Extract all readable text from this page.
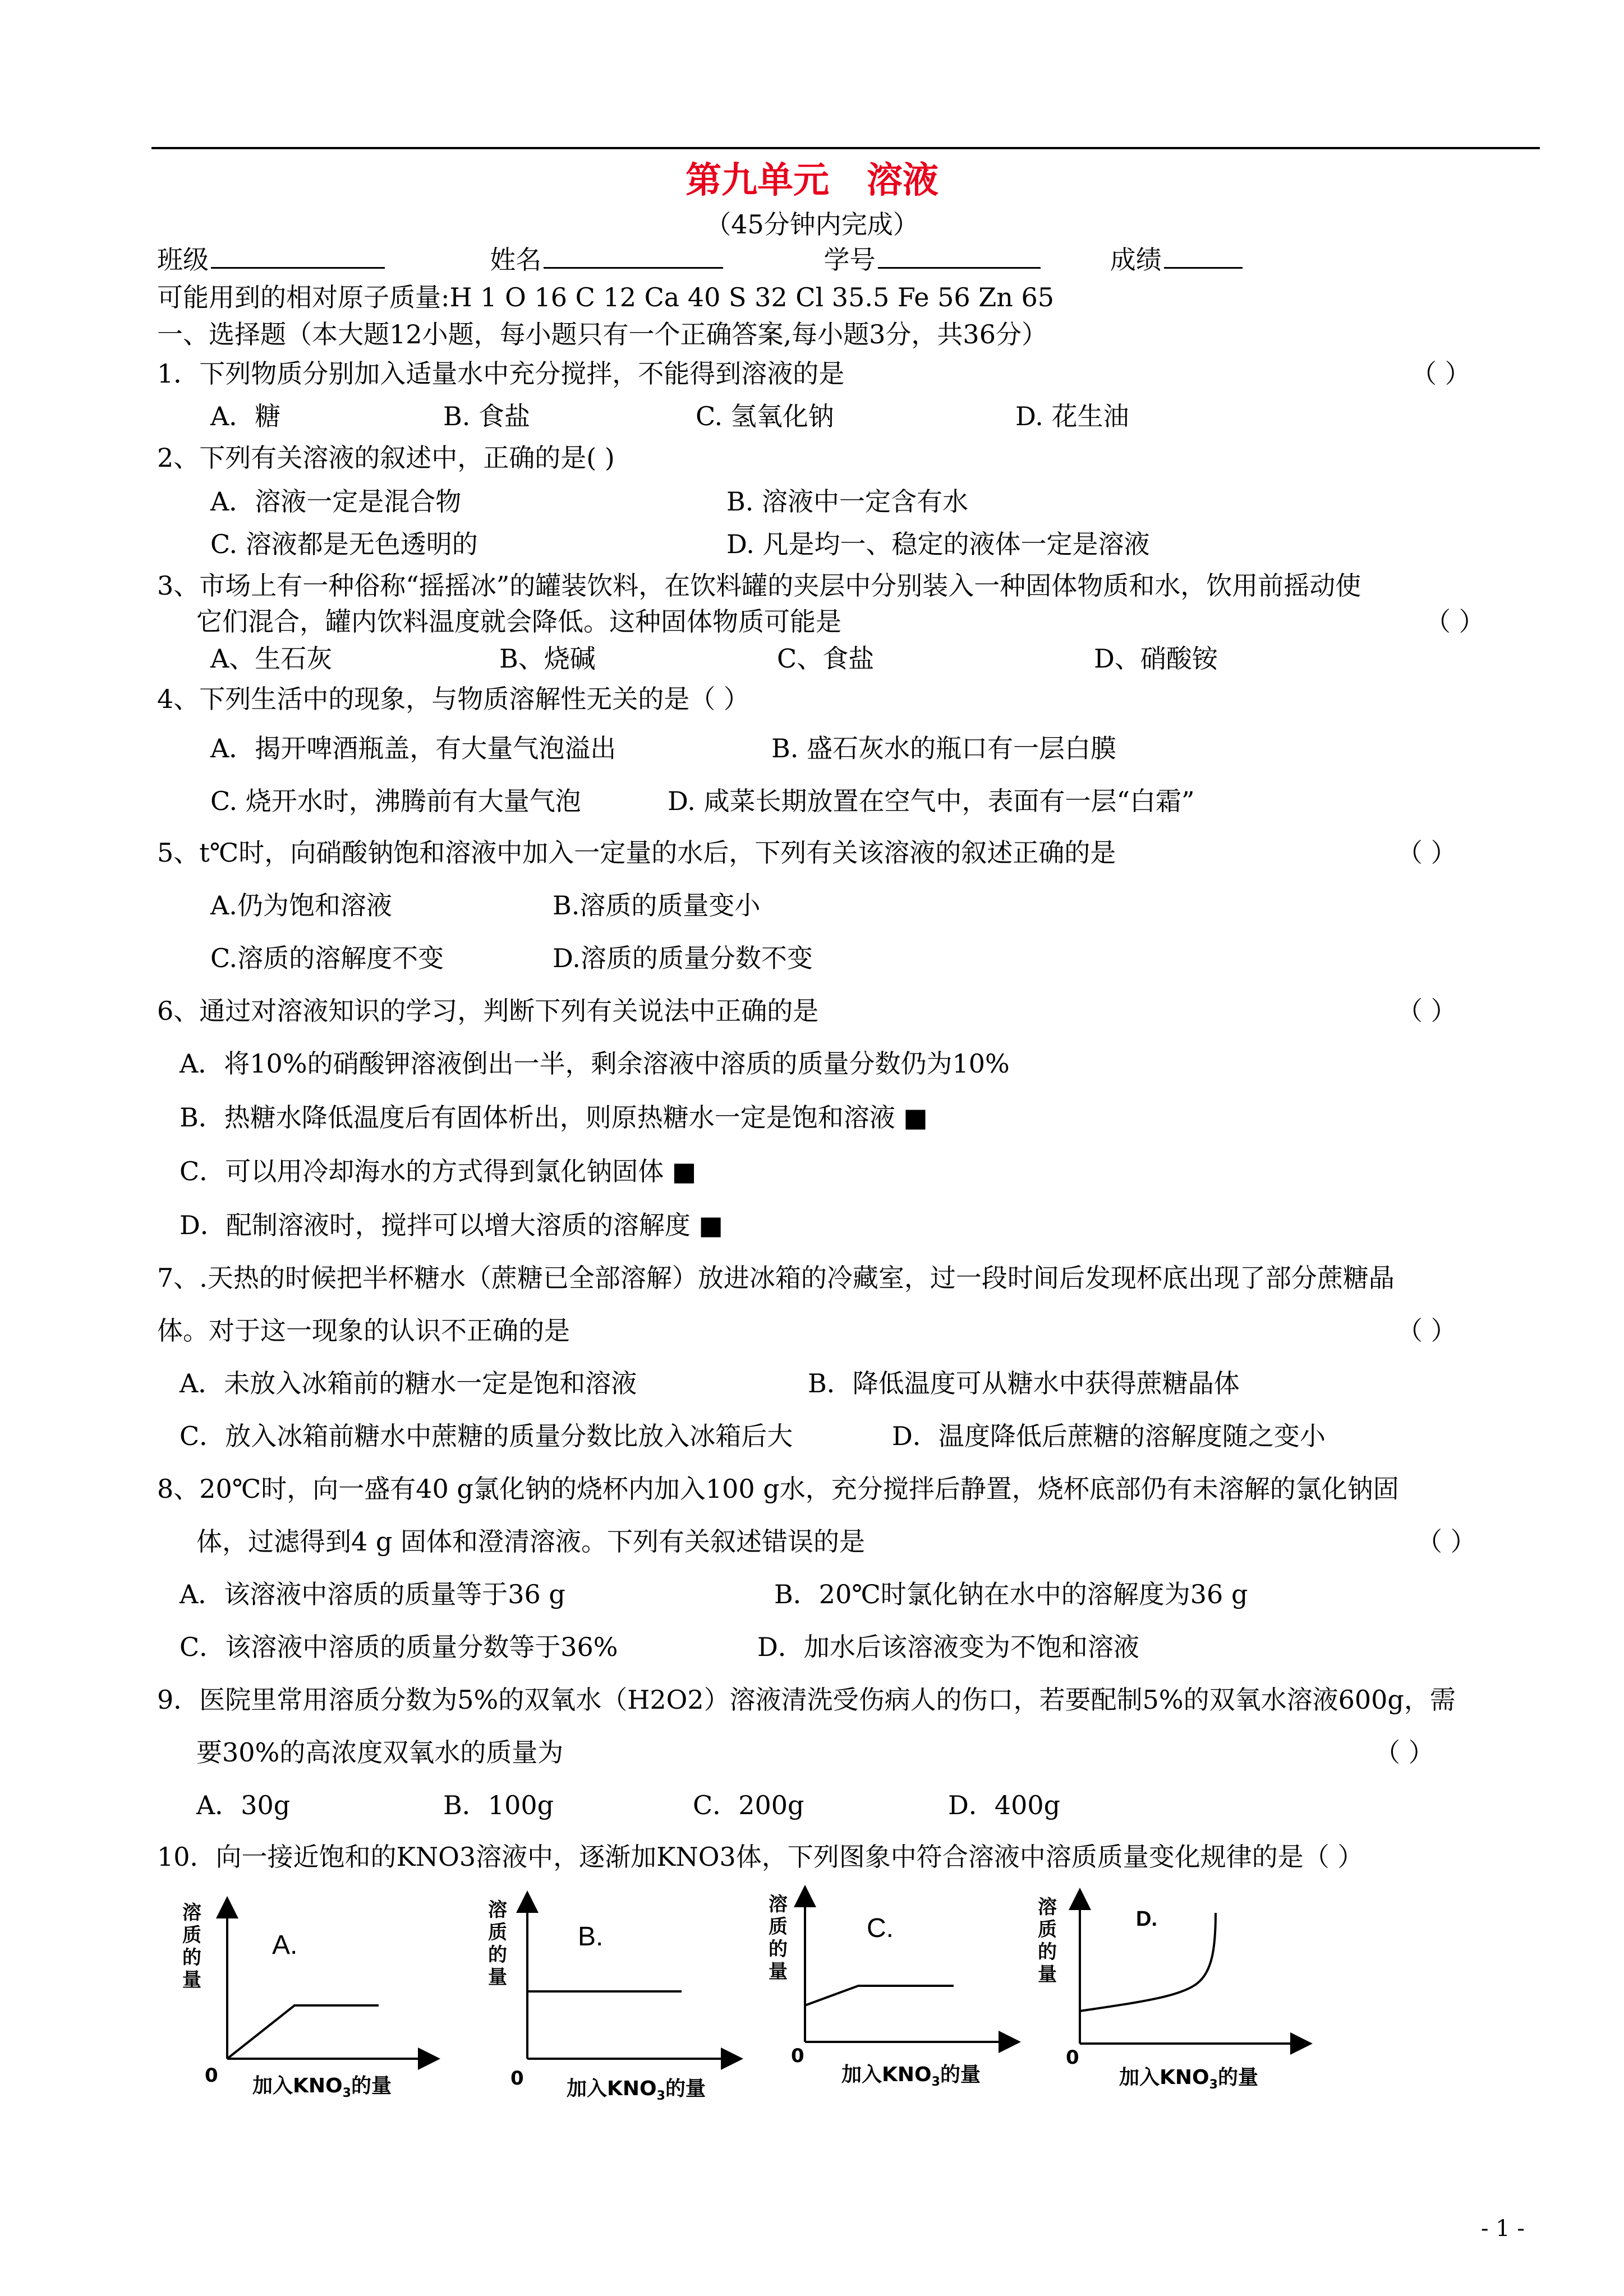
第九单元   溶液
（45分钟内完成）
班级	姓名	学号	成绩
可能用到的相对原子质量:H 1 O 16 C 12 Ca 40 S 32 Cl 35.5 Fe 56 Zn 65
一、选择题（本大题12小题，每小题只有一个正确答案,每小题3分，共36分）
1．下列物质分别加入适量水中充分搅拌，不能得到溶液的是	（ ）
A．糖	B. 食盐	C. 氢氧化钠	D. 花生油
2、下列有关溶液的叙述中，正确的是( )
A．溶液一定是混合物	B. 溶液中一定含有水
C. 溶液都是无色透明的	D. 凡是均一、稳定的液体一定是溶液
3、市场上有一种俗称“摇摇冰”的罐装饮料，在饮料罐的夹层中分别装入一种固体物质和水，饮用前摇动使
它们混合，罐内饮料温度就会降低。这种固体物质可能是	（ ）
A、生石灰	B、烧碱	C、食盐	D、硝酸铵
4、下列生活中的现象，与物质溶解性无关的是（ ）
A．揭开啤酒瓶盖，有大量气泡溢出	B. 盛石灰水的瓶口有一层白膜
C. 烧开水时，沸腾前有大量气泡	D. 咸菜长期放置在空气中，表面有一层“白霜”
5、t℃时，向硝酸钠饱和溶液中加入一定量的水后，下列有关该溶液的叙述正确的是	（ ）
A.仍为饱和溶液	B.溶质的质量变小
C.溶质的溶解度不变	D.溶质的质量分数不变
6、通过对溶液知识的学习，判断下列有关说法中正确的是	（ ）
A．将10%的硝酸钾溶液倒出一半，剩余溶液中溶质的质量分数仍为10%
B．热糖水降低温度后有固体析出，则原热糖水一定是饱和溶液 ■
C．可以用冷却海水的方式得到氯化钠固体 ■
D．配制溶液时，搅拌可以增大溶质的溶解度 ■
7、.天热的时候把半杯糖水（蔗糖已全部溶解）放进冰箱的冷藏室，过一段时间后发现杯底出现了部分蔗糖晶
体。对于这一现象的认识不正确的是	（ ）
A．未放入冰箱前的糖水一定是饱和溶液	B．降低温度可从糖水中获得蔗糖晶体
C．放入冰箱前糖水中蔗糖的质量分数比放入冰箱后大	D．温度降低后蔗糖的溶解度随之变小
8、20℃时，向一盛有40 g氯化钠的烧杯内加入100 g水，充分搅拌后静置，烧杯底部仍有未溶解的氯化钠固
体，过滤得到4 g 固体和澄清溶液。下列有关叙述错误的是	（ ）
A．该溶液中溶质的质量等于36 g	B．20℃时氯化钠在水中的溶解度为36 g
C．该溶液中溶质的质量分数等于36%	D．加水后该溶液变为不饱和溶液
9．医院里常用溶质分数为5%的双氧水（H2O2）溶液清洗受伤病人的伤口，若要配制5%的双氧水溶液600g，需
要30%的高浓度双氧水的质量为	（ ）
A．30g	B．100g	C．200g	D．400g
10．向一接近饱和的KNO3溶液中，逐渐加KNO3体，下列图象中符合溶液中溶质质量变化规律的是（ ）
溶质的量
A.
0 加入$KNO_3$的量
溶质的量
B.
0 加入$KNO_3$的量
溶质的量
C.
0
加入$KNO_3$的量
溶质的量
D.
0
加入$KNO_3$的量
- 1 -
